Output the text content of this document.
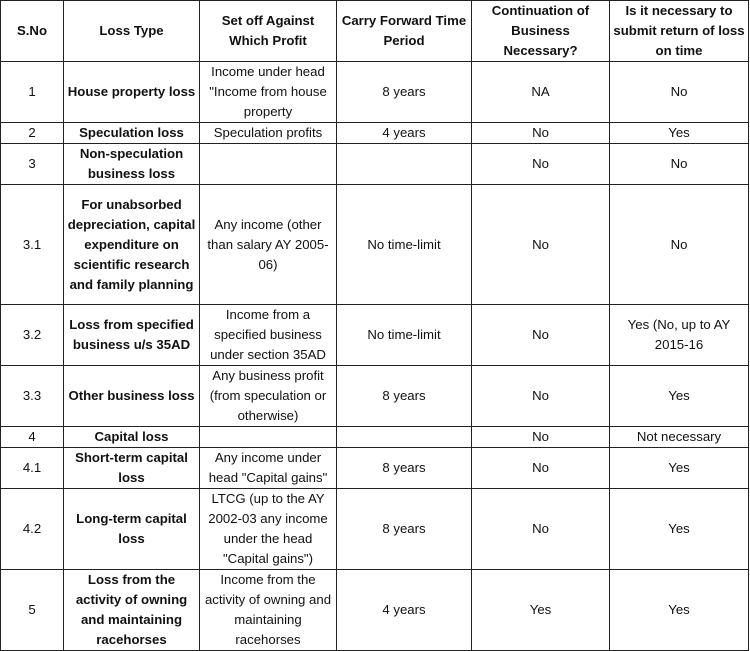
S.No	Loss Type	Set off Against Which Profit	Carry Forward Time Period	Continuation of Business Necessary?	Is it necessary to submit return of loss on time
1	House property loss	Income under head "Income from house property	8 years	NA	No
2	Speculation loss	Speculation profits	4 years	No	Yes
3	Non-speculation business loss			No	No
3.1	For unabsorbed depreciation, capital expenditure on scientific research and family planning	Any income (other than salary AY 2005-06)	No time-limit	No	No
3.2	Loss from specified business u/s 35AD	Income from a specified business under section 35AD	No time-limit	No	Yes (No, up to AY 2015-16
3.3	Other business loss	Any business profit (from speculation or otherwise)	8 years	No	Yes
4	Capital loss			No	Not necessary
4.1	Short-term capital loss	Any income under head "Capital gains"	8 years	No	Yes
4.2	Long-term capital loss	LTCG (up to the AY 2002-03 any income under the head "Capital gains")	8 years	No	Yes
5	Loss from the activity of owning and maintaining racehorses	Income from the activity of owning and maintaining racehorses	4 years	Yes	Yes
